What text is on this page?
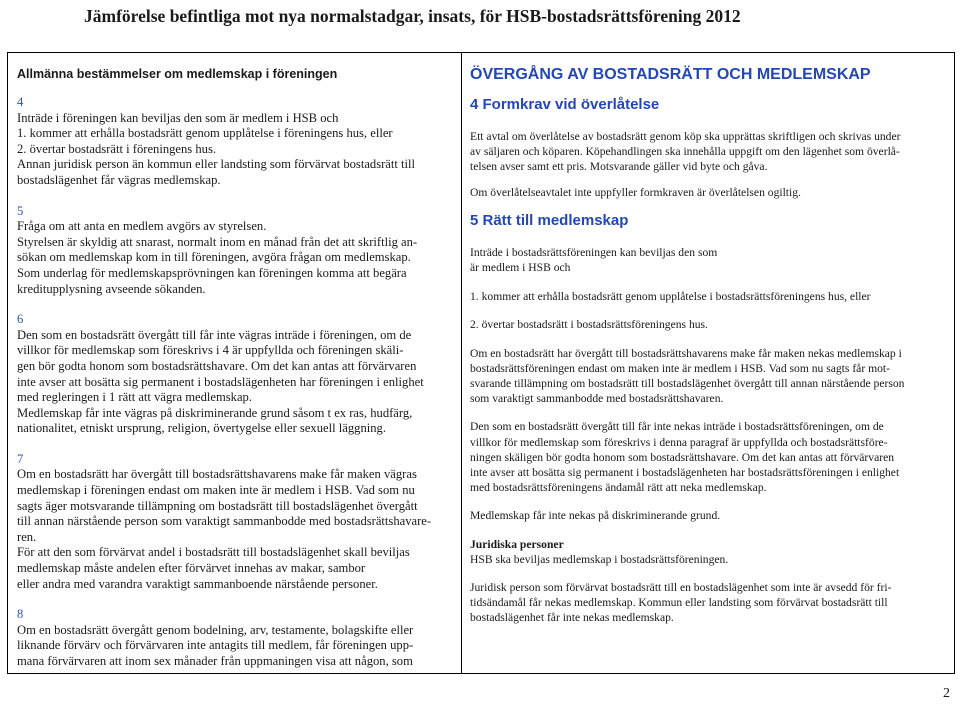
Jämförelse befintliga mot nya normalstadgar, insats, för HSB-bostadsrättsförening 2012
Allmänna bestämmelser om medlemskap i föreningen

4

Inträde i föreningen kan beviljas den som är medlem i HSB och

1. kommer att erhålla bostadsrätt genom upplåtelse i föreningens hus, eller

2. övertar bostadsrätt i föreningens hus.

Annan juridisk person än kommun eller landsting som förvärvat bostadsrätt till

bostadslägenhet får vägras medlemskap.

5

Fråga om att anta en medlem avgörs av styrelsen.

Styrelsen är skyldig att snarast, normalt inom en månad från det att skriftlig an-

sökan om medlemskap kom in till föreningen, avgöra frågan om medlemskap.

Som underlag för medlemskapsprövningen kan föreningen komma att begära

kreditupplysning avseende sökanden.

6

Den som en bostadsrätt övergått till får inte vägras inträde i föreningen, om de

villkor för medlemskap som föreskrivs i 4 är uppfyllda och föreningen skäli-

gen bör godta honom som bostadsrättshavare. Om det kan antas att förvärvaren

inte avser att bosätta sig permanent i bostadslägenheten har föreningen i enlighet

med regleringen i 1 rätt att vägra medlemskap.

Medlemskap får inte vägras på diskriminerande grund såsom t ex ras, hudfärg,

nationalitet, etniskt ursprung, religion, övertygelse eller sexuell läggning.

7

Om en bostadsrätt har övergått till bostadsrättshavarens make får maken vägras

medlemskap i föreningen endast om maken inte är medlem i HSB. Vad som nu

sagts äger motsvarande tillämpning om bostadsrätt till bostadslägenhet övergått

till annan närstående person som varaktigt sammanbodde med bostadsrättshavare-

ren.

För att den som förvärvat andel i bostadsrätt till bostadslägenhet skall beviljas

medlemskap måste andelen efter förvärvet innehas av makar, sambor

eller andra med varandra varaktigt sammanboende närstående personer.

8

Om en bostadsrätt övergått genom bodelning, arv, testamente, bolagskifte eller

liknande förvärv och förvärvaren inte antagits till medlem, får föreningen upp-

mana förvärvaren att inom sex månader från uppmaningen visa att någon, som

ÖVERGÅNG AV BOSTADSRÄTT OCH MEDLEMSKAP
4 Formkrav vid överlåtelse

Ett avtal om överlåtelse av bostadsrätt genom köp ska upprättas skriftligen och skrivas under

av säljaren och köparen. Köpehandlingen ska innehålla uppgift om den lägenhet som överlå-

telsen avser samt ett pris. Motsvarande gäller vid byte och gåva.

Om överlåtelseavtalet inte uppfyller formkraven är överlåtelsen ogiltig.

5 Rätt till medlemskap

Inträde i bostadsrättsföreningen kan beviljas den som

är medlem i HSB och

1. kommer att erhålla bostadsrätt genom upplåtelse i bostadsrättsföreningens hus, eller

2. övertar bostadsrätt i bostadsrättsföreningens hus.

Om en bostadsrätt har övergått till bostadsrättshavarens make får maken nekas medlemskap i

bostadsrättsföreningen endast om maken inte är medlem i HSB. Vad som nu sagts får mot-

svarande tillämpning om bostadsrätt till bostadslägenhet övergått till annan närstående person

som varaktigt sammanbodde med bostadsrättshavaren.

Den som en bostadsrätt övergått till får inte nekas inträde i bostadsrättsföreningen, om de

villkor för medlemskap som föreskrivs i denna paragraf är uppfyllda och bostadsrättsföre-

ningen skäligen bör godta honom som bostadsrättshavare. Om det kan antas att förvärvaren

inte avser att bosätta sig permanent i bostadslägenheten har bostadsrättsföreningen i enlighet

med bostadsrättsföreningens ändamål rätt att neka medlemskap.

Medlemskap får inte nekas på diskriminerande grund.

Juridiska personer

HSB ska beviljas medlemskap i bostadsrättsföreningen.

Juridisk person som förvärvat bostadsrätt till en bostadslägenhet som inte är avsedd för fri-

tidsändamål får nekas medlemskap. Kommun eller landsting som förvärvat bostadsrätt till

bostadslägenhet får inte nekas medlemskap.

2
